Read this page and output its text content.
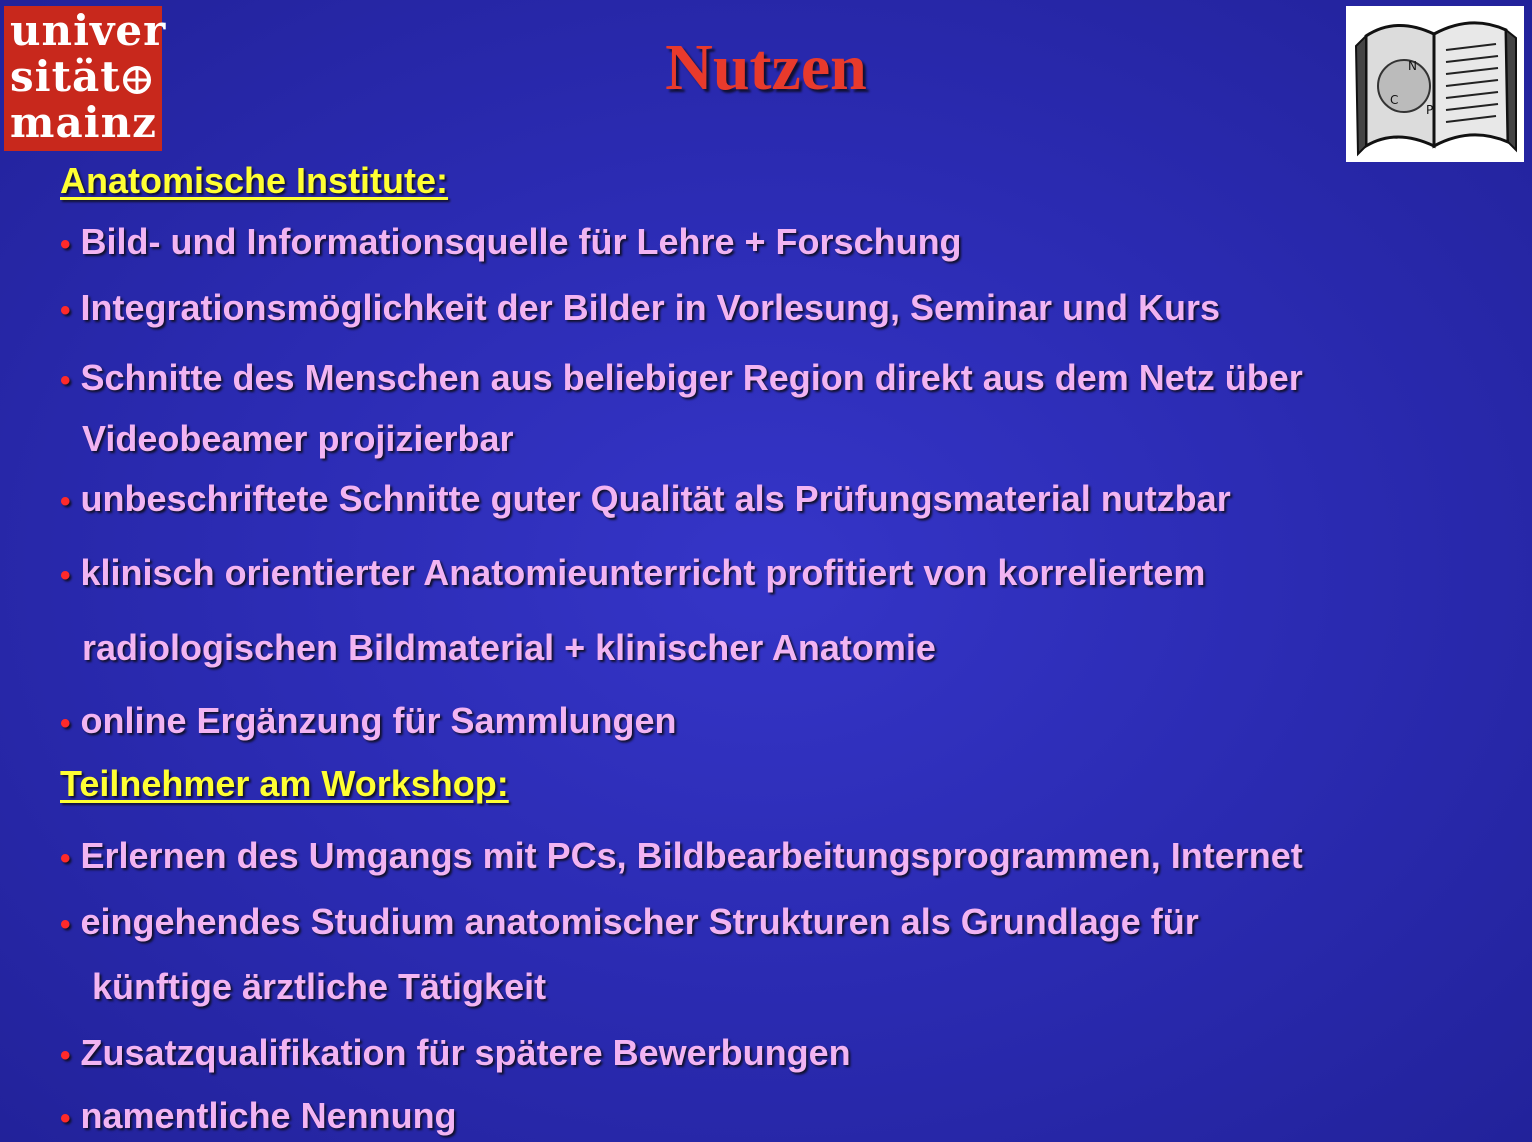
univer
sität
mainz
Nutzen	N
C
P

Anatomische Institute:

• Bild- und Informationsquelle für Lehre + Forschung

• Integrationsmöglichkeit der Bilder in Vorlesung, Seminar und Kurs

• Schnitte des Menschen aus beliebiger Region direkt aus dem Netz über

Videobeamer projizierbar

• unbeschriftete Schnitte guter Qualität als Prüfungsmaterial nutzbar

• klinisch orientierter Anatomieunterricht profitiert von korreliertem

radiologischen Bildmaterial + klinischer Anatomie

• online Ergänzung für Sammlungen

Teilnehmer am Workshop:

• Erlernen des Umgangs mit PCs, Bildbearbeitungsprogrammen, Internet

• eingehendes Studium anatomischer Strukturen als Grundlage für

künftige ärztliche Tätigkeit

• Zusatzqualifikation für spätere Bewerbungen

• namentliche Nennung
